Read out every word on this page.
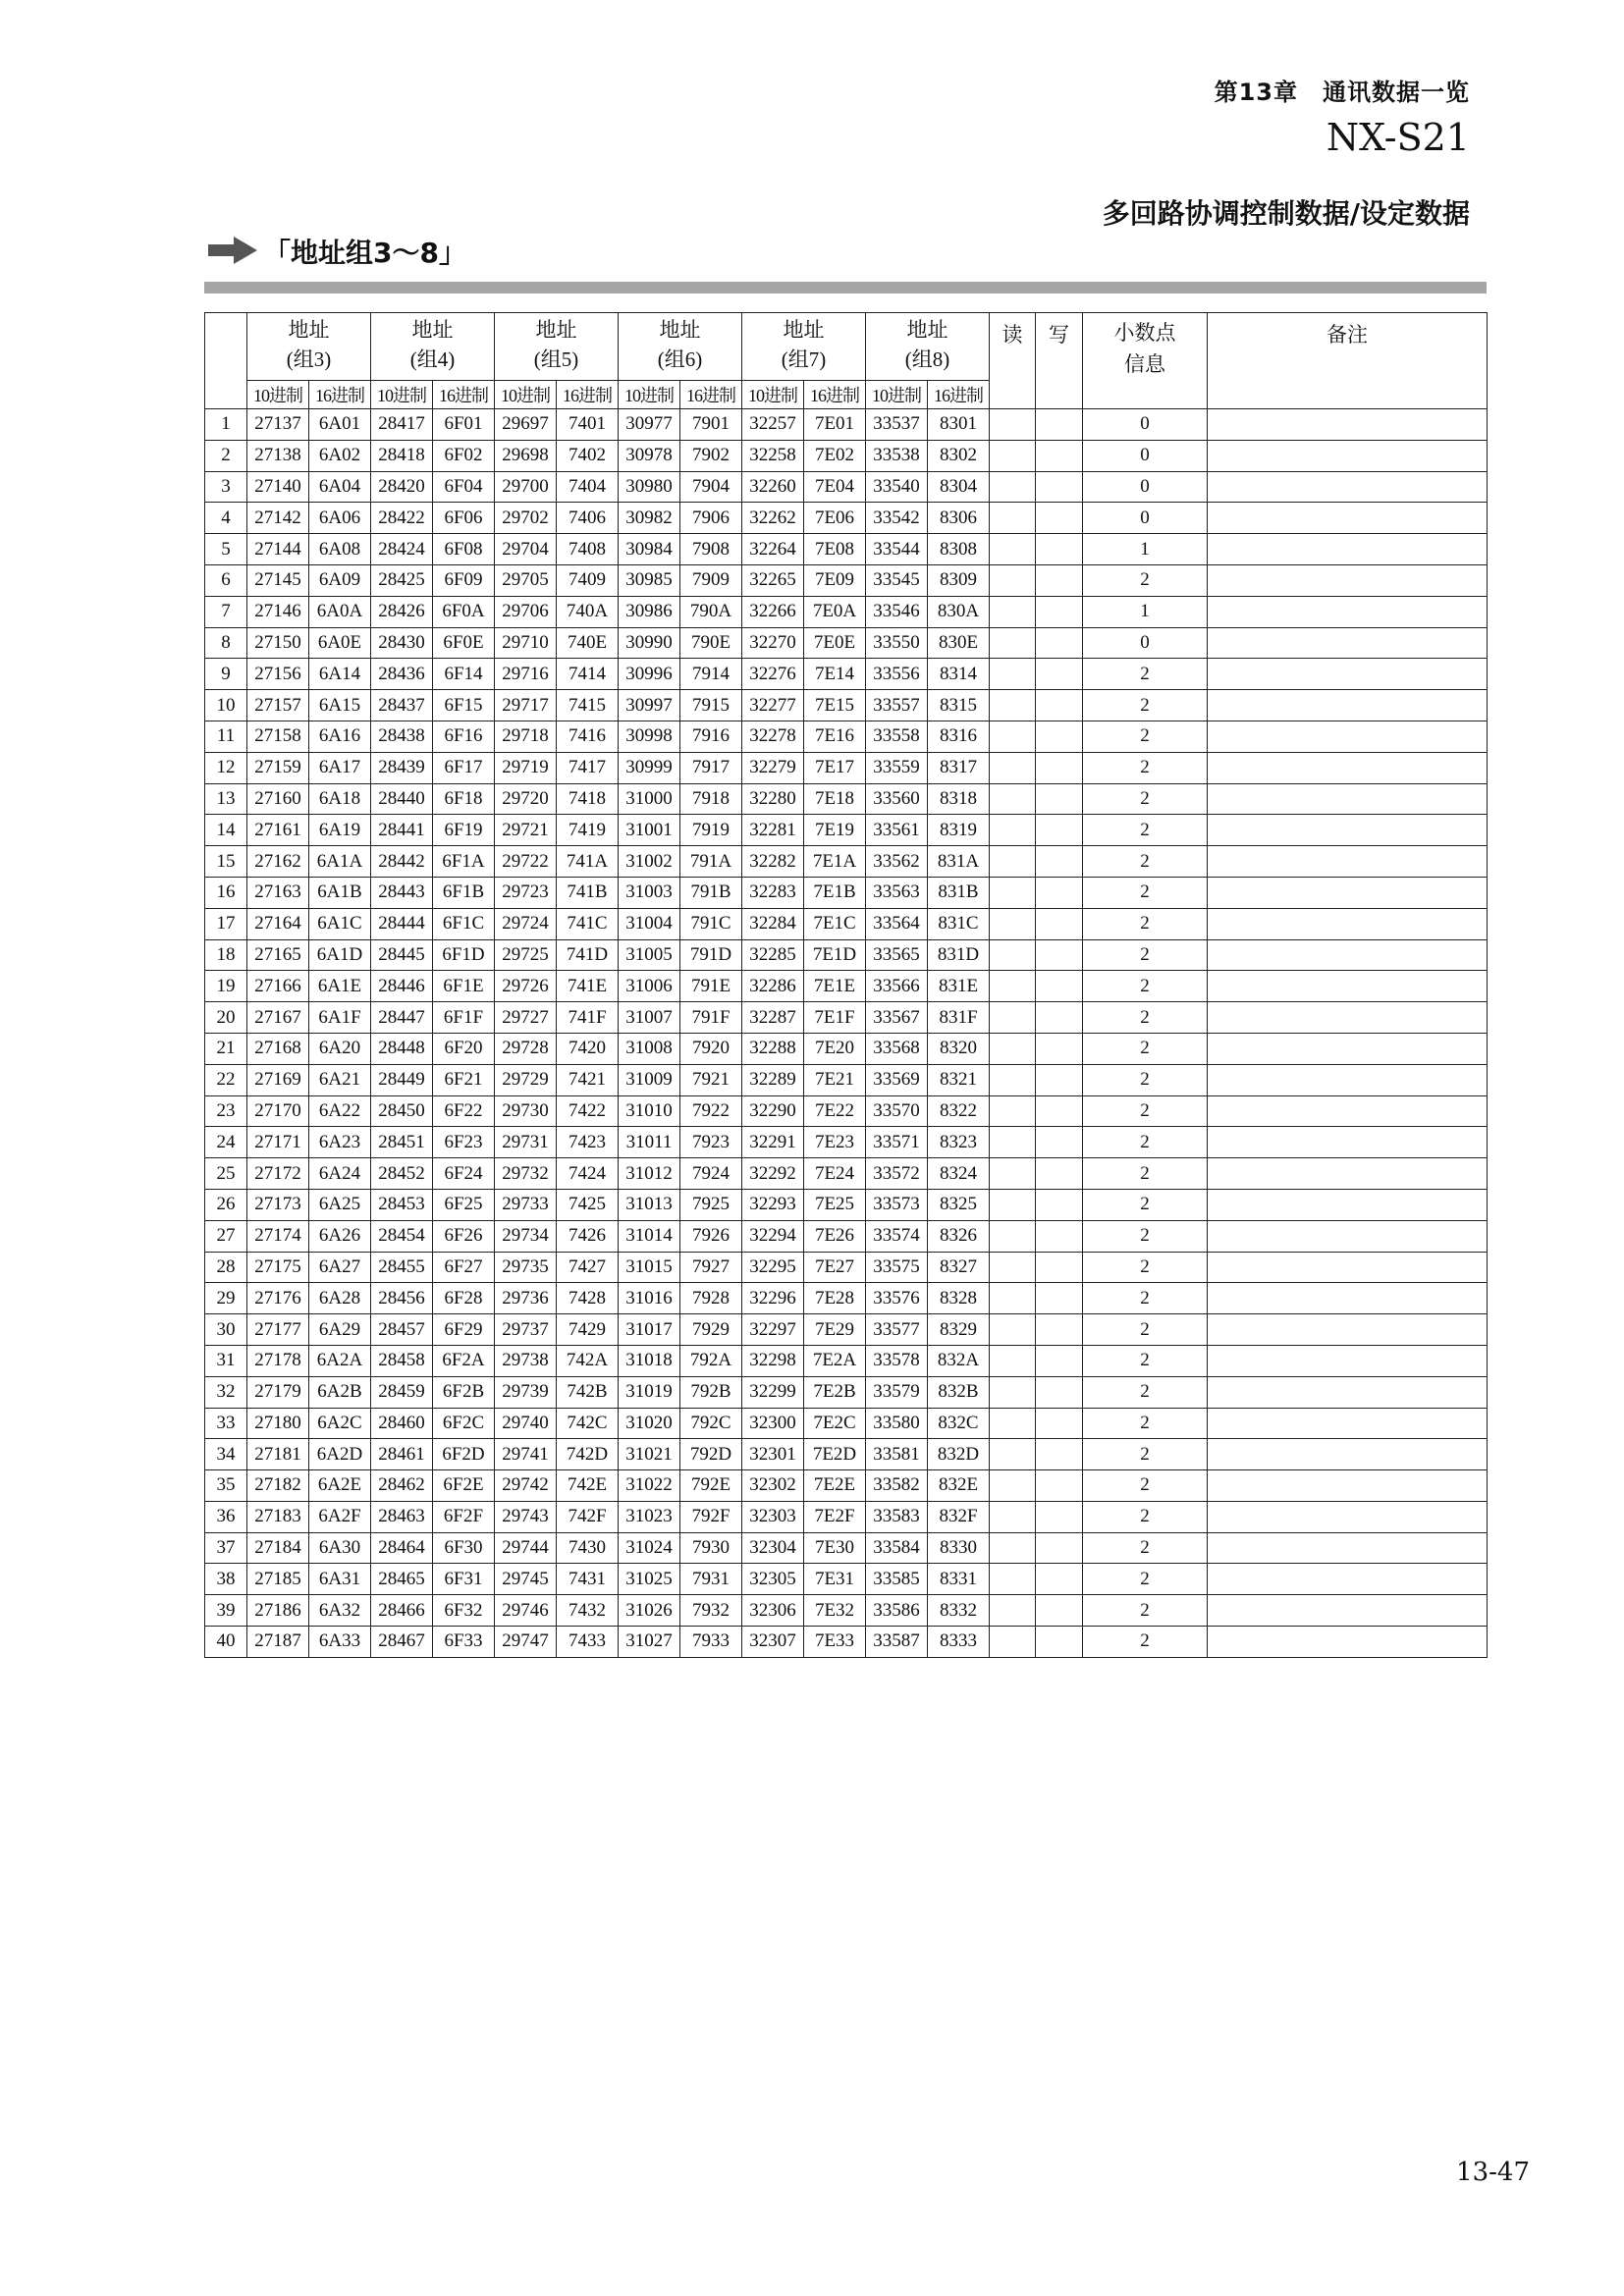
第13章　通讯数据一览
NX-S21
多回路协调控制数据/设定数据
「地址组3～8」
	地址
(组3)		地址
(组4)		地址
(组5)		地址
(组6)		地址
(组7)		地址
(组8)		读	写	小数点
信息	备注
	10进制	16进制	10进制	16进制	10进制	16进制	10进制	16进制	10进制	16进制	10进制	16进制				
1	27137	6A01	28417	6F01	29697	7401	30977	7901	32257	7E01	33537	8301			0	
2	27138	6A02	28418	6F02	29698	7402	30978	7902	32258	7E02	33538	8302			0	
3	27140	6A04	28420	6F04	29700	7404	30980	7904	32260	7E04	33540	8304			0	
4	27142	6A06	28422	6F06	29702	7406	30982	7906	32262	7E06	33542	8306			0	
5	27144	6A08	28424	6F08	29704	7408	30984	7908	32264	7E08	33544	8308			1	
6	27145	6A09	28425	6F09	29705	7409	30985	7909	32265	7E09	33545	8309			2	
7	27146	6A0A	28426	6F0A	29706	740A	30986	790A	32266	7E0A	33546	830A			1	
8	27150	6A0E	28430	6F0E	29710	740E	30990	790E	32270	7E0E	33550	830E			0	
9	27156	6A14	28436	6F14	29716	7414	30996	7914	32276	7E14	33556	8314			2	
10	27157	6A15	28437	6F15	29717	7415	30997	7915	32277	7E15	33557	8315			2	
11	27158	6A16	28438	6F16	29718	7416	30998	7916	32278	7E16	33558	8316			2	
12	27159	6A17	28439	6F17	29719	7417	30999	7917	32279	7E17	33559	8317			2	
13	27160	6A18	28440	6F18	29720	7418	31000	7918	32280	7E18	33560	8318			2	
14	27161	6A19	28441	6F19	29721	7419	31001	7919	32281	7E19	33561	8319			2	
15	27162	6A1A	28442	6F1A	29722	741A	31002	791A	32282	7E1A	33562	831A			2	
16	27163	6A1B	28443	6F1B	29723	741B	31003	791B	32283	7E1B	33563	831B			2	
17	27164	6A1C	28444	6F1C	29724	741C	31004	791C	32284	7E1C	33564	831C			2	
18	27165	6A1D	28445	6F1D	29725	741D	31005	791D	32285	7E1D	33565	831D			2	
19	27166	6A1E	28446	6F1E	29726	741E	31006	791E	32286	7E1E	33566	831E			2	
20	27167	6A1F	28447	6F1F	29727	741F	31007	791F	32287	7E1F	33567	831F			2	
21	27168	6A20	28448	6F20	29728	7420	31008	7920	32288	7E20	33568	8320			2	
22	27169	6A21	28449	6F21	29729	7421	31009	7921	32289	7E21	33569	8321			2	
23	27170	6A22	28450	6F22	29730	7422	31010	7922	32290	7E22	33570	8322			2	
24	27171	6A23	28451	6F23	29731	7423	31011	7923	32291	7E23	33571	8323			2	
25	27172	6A24	28452	6F24	29732	7424	31012	7924	32292	7E24	33572	8324			2	
26	27173	6A25	28453	6F25	29733	7425	31013	7925	32293	7E25	33573	8325			2	
27	27174	6A26	28454	6F26	29734	7426	31014	7926	32294	7E26	33574	8326			2	
28	27175	6A27	28455	6F27	29735	7427	31015	7927	32295	7E27	33575	8327			2	
29	27176	6A28	28456	6F28	29736	7428	31016	7928	32296	7E28	33576	8328			2	
30	27177	6A29	28457	6F29	29737	7429	31017	7929	32297	7E29	33577	8329			2	
31	27178	6A2A	28458	6F2A	29738	742A	31018	792A	32298	7E2A	33578	832A			2	
32	27179	6A2B	28459	6F2B	29739	742B	31019	792B	32299	7E2B	33579	832B			2	
33	27180	6A2C	28460	6F2C	29740	742C	31020	792C	32300	7E2C	33580	832C			2	
34	27181	6A2D	28461	6F2D	29741	742D	31021	792D	32301	7E2D	33581	832D			2	
35	27182	6A2E	28462	6F2E	29742	742E	31022	792E	32302	7E2E	33582	832E			2	
36	27183	6A2F	28463	6F2F	29743	742F	31023	792F	32303	7E2F	33583	832F			2	
37	27184	6A30	28464	6F30	29744	7430	31024	7930	32304	7E30	33584	8330			2	
38	27185	6A31	28465	6F31	29745	7431	31025	7931	32305	7E31	33585	8331			2	
39	27186	6A32	28466	6F32	29746	7432	31026	7932	32306	7E32	33586	8332			2	
40	27187	6A33	28467	6F33	29747	7433	31027	7933	32307	7E33	33587	8333			2	
13-47
